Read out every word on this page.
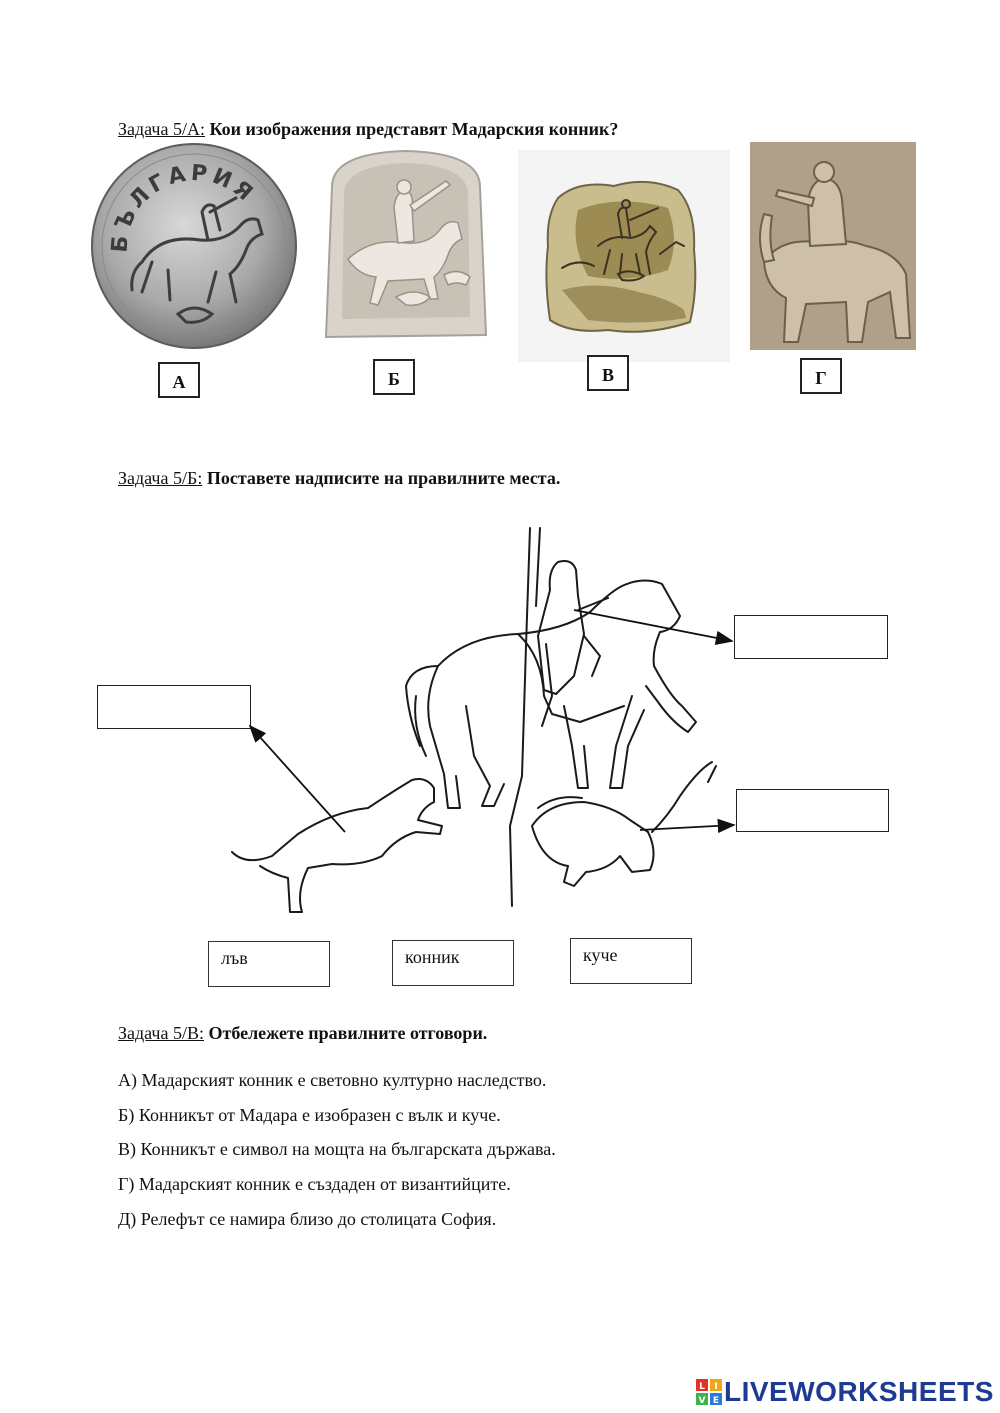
Задача 5/А: Кои изображения представят Мадарския конник?
БЪЛГАРИЯ
А	Б	В	Г
Задача 5/Б: Поставете надписите на правилните места.
лъв	конник	куче
Задача 5/В: Отбележете правилните отговори.
А) Мадарският конник е световно културно наследство.
Б) Конникът от Мадара е изобразен с вълк и куче.
В) Конникът е символ на мощта на българската държава.
Г) Мадарският конник е създаден от византийците.
Д) Релефът се намира близо до столицата София.
L I
V E LIVEWORKSHEETS
